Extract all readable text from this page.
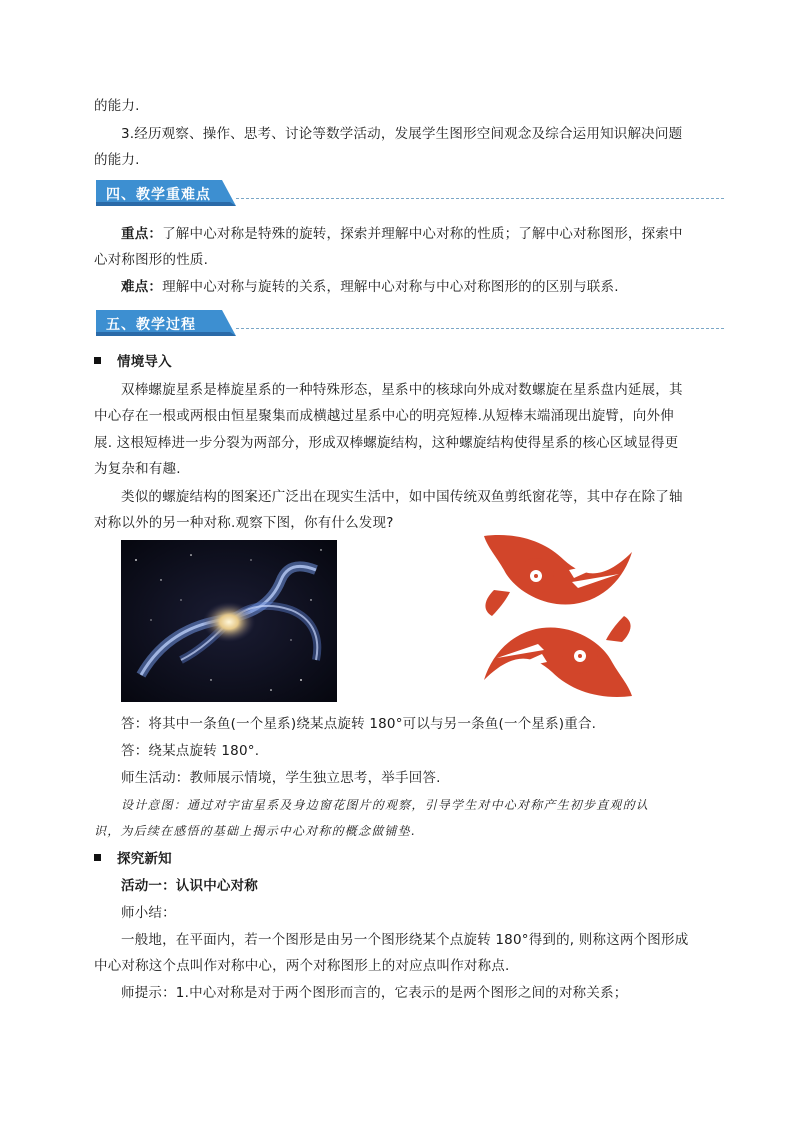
的能力.
3.经历观察、操作、思考、讨论等数学活动，发展学生图形空间观念及综合运用知识解决问题
的能力.
四、教学重难点
重点：了解中心对称是特殊的旋转，探索并理解中心对称的性质；了解中心对称图形，探索中
心对称图形的性质.
难点：理解中心对称与旋转的关系，理解中心对称与中心对称图形的的区别与联系.
五、教学过程
情境导入
双棒螺旋星系是棒旋星系的一种特殊形态，星系中的核球向外成对数螺旋在星系盘内延展，其
中心存在一根或两根由恒星聚集而成横越过星系中心的明亮短棒.从短棒末端涌现出旋臂，向外伸
展. 这根短棒进一步分裂为两部分，形成双棒螺旋结构，这种螺旋结构使得星系的核心区域显得更
为复杂和有趣.
类似的螺旋结构的图案还广泛出在现实生活中，如中国传统双鱼剪纸窗花等，其中存在除了轴
对称以外的另一种对称.观察下图，你有什么发现?
答：将其中一条鱼(一个星系)绕某点旋转 180°可以与另一条鱼(一个星系)重合.
答：绕某点旋转 180°.
师生活动：教师展示情境，学生独立思考，举手回答.
设计意图：通过对宇宙星系及身边窗花图片的观察，引导学生对中心对称产生初步直观的认
识，为后续在感悟的基础上揭示中心对称的概念做铺垫.
探究新知
活动一：认识中心对称
师小结：
一般地，在平面内，若一个图形是由另一个图形绕某个点旋转 180°得到的, 则称这两个图形成
中心对称这个点叫作对称中心，两个对称图形上的对应点叫作对称点.
师提示：1.中心对称是对于两个图形而言的，它表示的是两个图形之间的对称关系；
